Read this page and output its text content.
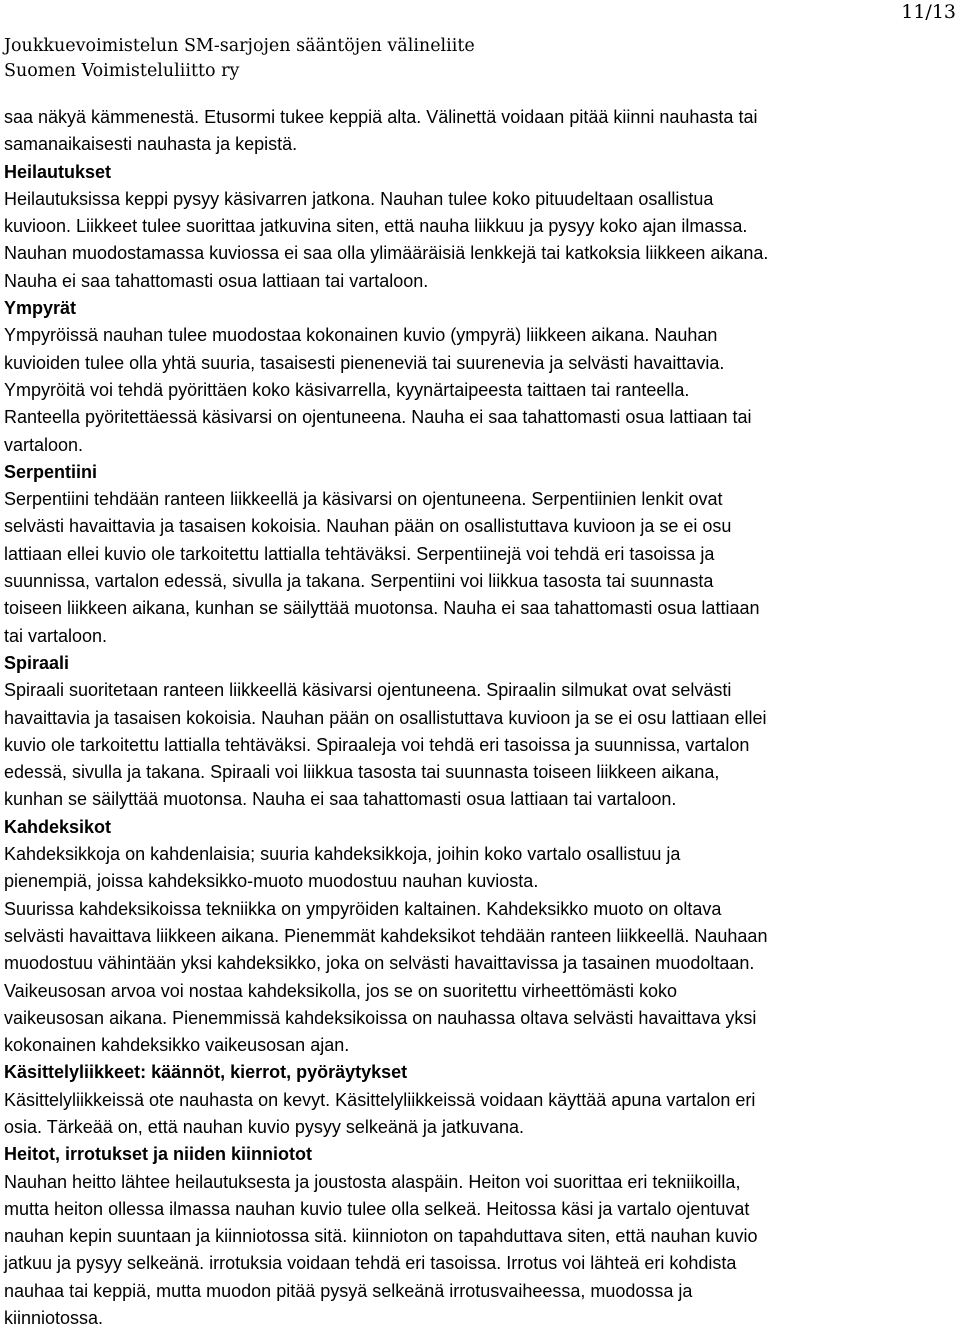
11/13
Joukkuevoimistelun SM-sarjojen sääntöjen välineliite
Suomen Voimisteluliitto ry
saa näkyä kämmenestä. Etusormi tukee keppiä alta. Välinettä voidaan pitää kiinni nauhasta tai
samanaikaisesti nauhasta ja kepistä.
Heilautukset
Heilautuksissa keppi pysyy käsivarren jatkona. Nauhan tulee koko pituudeltaan osallistua
kuvioon. Liikkeet tulee suorittaa jatkuvina siten, että nauha liikkuu ja pysyy koko ajan ilmassa.
Nauhan muodostamassa kuviossa ei saa olla ylimääräisiä lenkkejä tai katkoksia liikkeen aikana.
Nauha ei saa tahattomasti osua lattiaan tai vartaloon.
Ympyrät
Ympyröissä nauhan tulee muodostaa kokonainen kuvio (ympyrä) liikkeen aikana. Nauhan
kuvioiden tulee olla yhtä suuria, tasaisesti pieneneviä tai suurenevia ja selvästi havaittavia.
Ympyröitä voi tehdä pyörittäen koko käsivarrella, kyynärtaipeesta taittaen tai ranteella.
Ranteella pyöritettäessä käsivarsi on ojentuneena. Nauha ei saa tahattomasti osua lattiaan tai
vartaloon.
Serpentiini
Serpentiini tehdään ranteen liikkeellä ja käsivarsi on ojentuneena. Serpentiinien lenkit ovat
selvästi havaittavia ja tasaisen kokoisia. Nauhan pään on osallistuttava kuvioon ja se ei osu
lattiaan ellei kuvio ole tarkoitettu lattialla tehtäväksi. Serpentiinejä voi tehdä eri tasoissa ja
suunnissa, vartalon edessä, sivulla ja takana. Serpentiini voi liikkua tasosta tai suunnasta
toiseen liikkeen aikana, kunhan se säilyttää muotonsa. Nauha ei saa tahattomasti osua lattiaan
tai vartaloon.
Spiraali
Spiraali suoritetaan ranteen liikkeellä käsivarsi ojentuneena. Spiraalin silmukat ovat selvästi
havaittavia ja tasaisen kokoisia. Nauhan pään on osallistuttava kuvioon ja se ei osu lattiaan ellei
kuvio ole tarkoitettu lattialla tehtäväksi. Spiraaleja voi tehdä eri tasoissa ja suunnissa, vartalon
edessä, sivulla ja takana. Spiraali voi liikkua tasosta tai suunnasta toiseen liikkeen aikana,
kunhan se säilyttää muotonsa. Nauha ei saa tahattomasti osua lattiaan tai vartaloon.
Kahdeksikot
Kahdeksikkoja on kahdenlaisia; suuria kahdeksikkoja, joihin koko vartalo osallistuu ja
pienempiä, joissa kahdeksikko-muoto muodostuu nauhan kuviosta.
Suurissa kahdeksikoissa tekniikka on ympyröiden kaltainen. Kahdeksikko muoto on oltava
selvästi havaittava liikkeen aikana. Pienemmät kahdeksikot tehdään ranteen liikkeellä. Nauhaan
muodostuu vähintään yksi kahdeksikko, joka on selvästi havaittavissa ja tasainen muodoltaan.
Vaikeusosan arvoa voi nostaa kahdeksikolla, jos se on suoritettu virheettömästi koko
vaikeusosan aikana. Pienemmissä kahdeksikoissa on nauhassa oltava selvästi havaittava yksi
kokonainen kahdeksikko vaikeusosan ajan.
Käsittelyliikkeet: käännöt, kierrot, pyöräytykset
Käsittelyliikkeissä ote nauhasta on kevyt. Käsittelyliikkeissä voidaan käyttää apuna vartalon eri
osia. Tärkeää on, että nauhan kuvio pysyy selkeänä ja jatkuvana.
Heitot, irrotukset ja niiden kiinniotot
Nauhan heitto lähtee heilautuksesta ja joustosta alaspäin. Heiton voi suorittaa eri tekniikoilla,
mutta heiton ollessa ilmassa nauhan kuvio tulee olla selkeä. Heitossa käsi ja vartalo ojentuvat
nauhan kepin suuntaan ja kiinniotossa sitä. kiinnioton on tapahduttava siten, että nauhan kuvio
jatkuu ja pysyy selkeänä. irrotuksia voidaan tehdä eri tasoissa. Irrotus voi lähteä eri kohdista
nauhaa tai keppiä, mutta muodon pitää pysyä selkeänä irrotusvaiheessa, muodossa ja
kiinniotossa.
